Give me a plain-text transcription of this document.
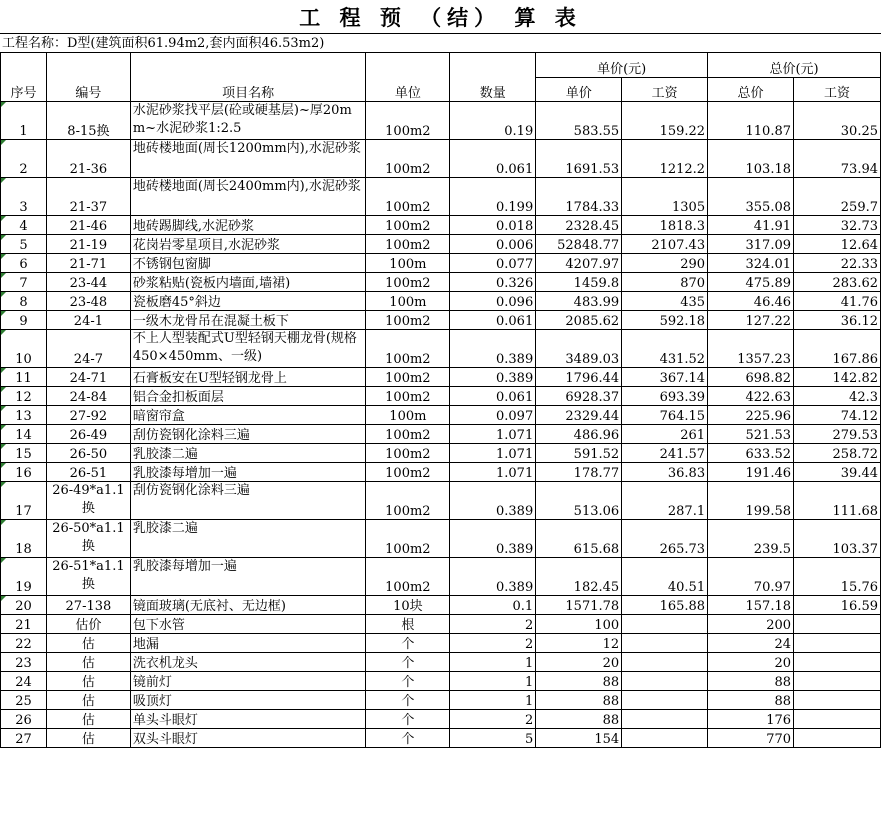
工 程 预 （结） 算 表
工程名称：D型(建筑面积61.94m2,套内面积46.53m2)
序号	编号	项目名称	单位	数量	单价(元)		总价(元)	
					单价	工资	总价	工资
1	8-15换	水泥砂浆找平层(砼或硬基层)~厚20mm~水泥砂浆1:2.5	100m2	0.19	583.55	159.22	110.87	30.25
2	21-36	地砖楼地面(周长1200mm内),水泥砂浆	100m2	0.061	1691.53	1212.2	103.18	73.94
3	21-37	地砖楼地面(周长2400mm内),水泥砂浆	100m2	0.199	1784.33	1305	355.08	259.7
4	21-46	地砖踢脚线,水泥砂浆	100m2	0.018	2328.45	1818.3	41.91	32.73
5	21-19	花岗岩零星项目,水泥砂浆	100m2	0.006	52848.77	2107.43	317.09	12.64
6	21-71	不锈钢包窗脚	100m	0.077	4207.97	290	324.01	22.33
7	23-44	砂浆粘贴(瓷板内墙面,墙裙)	100m2	0.326	1459.8	870	475.89	283.62
8	23-48	瓷板磨45°斜边	100m	0.096	483.99	435	46.46	41.76
9	24-1	一级木龙骨吊在混凝土板下	100m2	0.061	2085.62	592.18	127.22	36.12
10	24-7	不上人型装配式U型轻钢天棚龙骨(规格450×450mm、一级)	100m2	0.389	3489.03	431.52	1357.23	167.86
11	24-71	石膏板安在U型轻钢龙骨上	100m2	0.389	1796.44	367.14	698.82	142.82
12	24-84	铝合金扣板面层	100m2	0.061	6928.37	693.39	422.63	42.3
13	27-92	暗窗帘盒	100m	0.097	2329.44	764.15	225.96	74.12
14	26-49	刮仿瓷钢化涂料三遍	100m2	1.071	486.96	261	521.53	279.53
15	26-50	乳胶漆二遍	100m2	1.071	591.52	241.57	633.52	258.72
16	26-51	乳胶漆每增加一遍	100m2	1.071	178.77	36.83	191.46	39.44
17	26-49*a1.1换	刮仿瓷钢化涂料三遍	100m2	0.389	513.06	287.1	199.58	111.68
18	26-50*a1.1换	乳胶漆二遍	100m2	0.389	615.68	265.73	239.5	103.37
19	26-51*a1.1换	乳胶漆每增加一遍	100m2	0.389	182.45	40.51	70.97	15.76
20	27-138	镜面玻璃(无底衬、无边框)	10块	0.1	1571.78	165.88	157.18	16.59
21	估价	包下水管	根	2	100		200	
22	估	地漏	个	2	12		24	
23	估	洗衣机龙头	个	1	20		20	
24	估	镜前灯	个	1	88		88	
25	估	吸顶灯	个	1	88		88	
26	估	单头斗眼灯	个	2	88		176	
27	估	双头斗眼灯	个	5	154		770	
